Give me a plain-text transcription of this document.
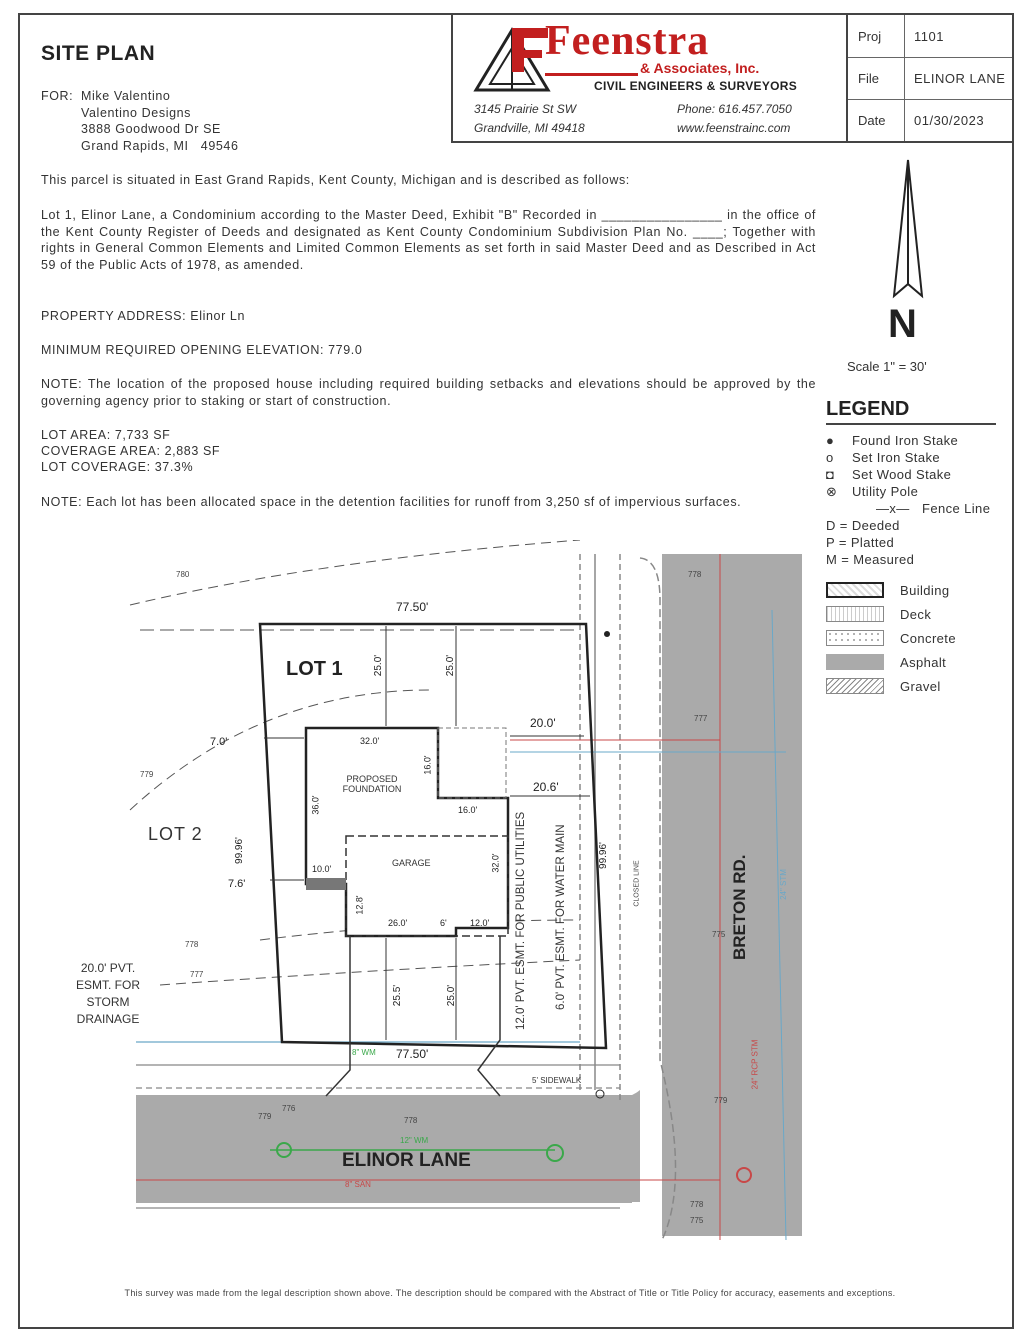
SITE PLAN
FOR: Mike Valentino
Valentino Designs
3888 Goodwood Dr SE
Grand Rapids, MI   49546
Feenstra
& Associates, Inc.
CIVIL ENGINEERS & SURVEYORS
3145 Prairie St SW
Grandville, MI 49418
Phone: 616.457.7050
www.feenstrainc.com
Proj	1101
File	ELINOR LANE
Date 01/30/2023
This parcel is situated in East Grand Rapids, Kent County, Michigan and is described as follows:
Lot 1, Elinor Lane, a Condominium according to the Master Deed, Exhibit "B" Recorded in ________________ in the office of the Kent County Register of Deeds and designated as Kent County Condominium Subdivision Plan No. ____; Together with rights in General Common Elements and Limited Common Elements as set forth in said Master Deed and as Described in Act 59 of the Public Acts of 1978, as amended.
PROPERTY ADDRESS: Elinor Ln
MINIMUM REQUIRED OPENING ELEVATION: 779.0
NOTE: The location of the proposed house including required building setbacks and elevations should be approved by the governing agency prior to staking or start of construction.
LOT AREA: 7,733 SF
COVERAGE AREA: 2,883 SF
LOT COVERAGE: 37.3%
NOTE: Each lot has been allocated space in the detention facilities for runoff from 3,250 sf of impervious surfaces.
N
Scale 1" = 30'
LEGEND
● Found Iron Stake
o Set Iron Stake
◘ Set Wood Stake
⊗ Utility Pole
—x— Fence Line
D = Deeded
P = Platted
M = Measured
Building
Deck
Concrete
Asphalt
Gravel
LOT 1
LOT 2
PROPOSED FOUNDATION
GARAGE	BRETON RD.
ELINOR LANE
20.0' PVT.
ESMT. FOR
STORM
DRAINAGE	12.0' PVT. ESMT. FOR PUBLIC UTILITIES 6.0' PVT. ESMT. FOR WATER MAIN
5' SIDEWALK
77.50'
77.50'
99.96'	99.96'
25.0'	25.0'
20.0'
20.6'
7.0'
7.6'
32.0'
16.0'
16.0'
36.0'
32.0'
10.0'
26.0'	6'	12.0'
12.8'
25.5'	25.0'
780
779
778
777
778
777
775
779	778
776
779
778
775
8" SAN
12" WM
8" WM	24" RCP STM
24" STM
CLOSED LINE
This survey was made from the legal description shown above. The description should be compared with the Abstract of Title or Title Policy for accuracy, easements and exceptions.
